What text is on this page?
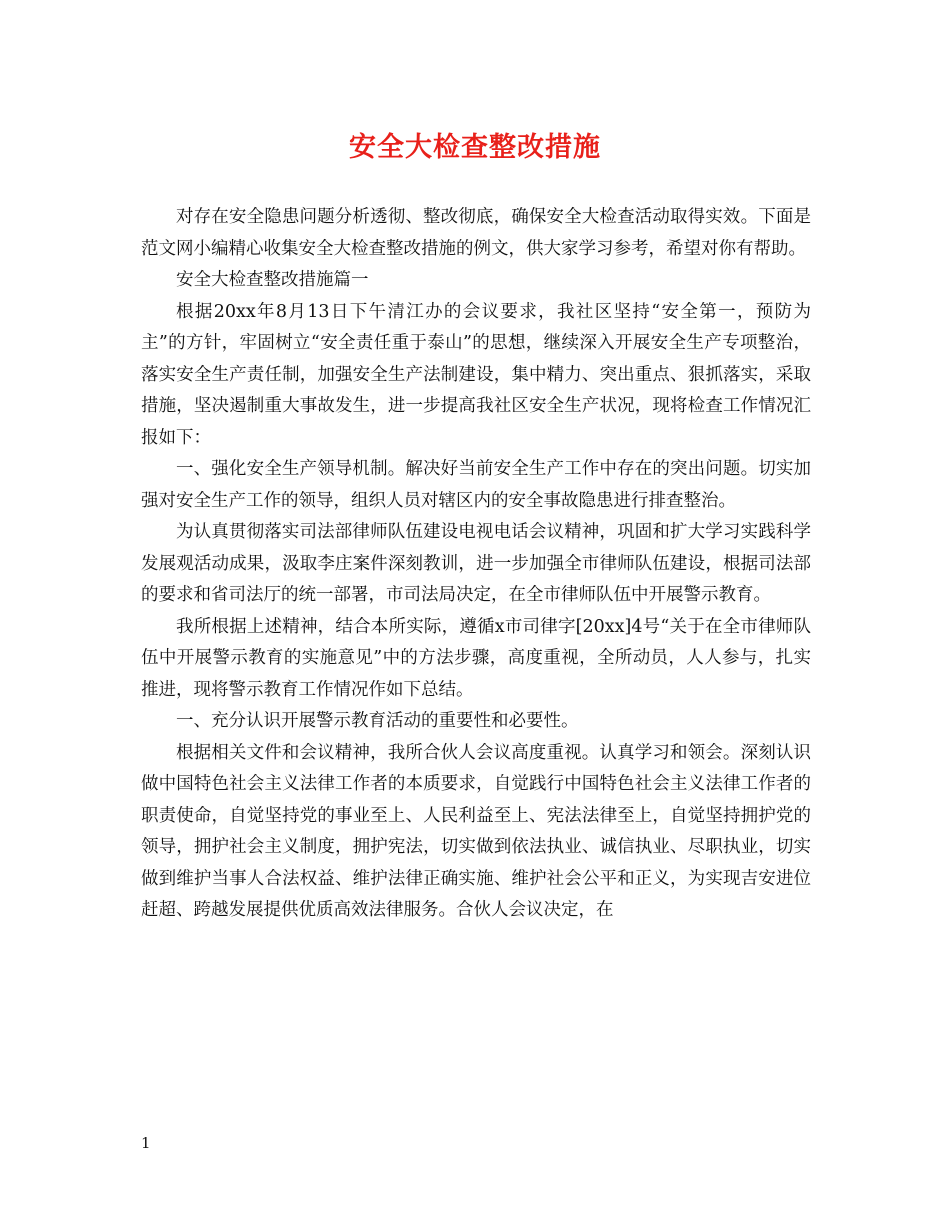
安全大检查整改措施

对存在安全隐患问题分析透彻、整改彻底，确保安全大检查活动取得实效。下面是范文网小编精心收集安全大检查整改措施的例文，供大家学习参考，希望对你有帮助。

安全大检查整改措施篇一

根据20xx年8月13日下午清江办的会议要求，我社区坚持“安全第一，预防为主”的方针，牢固树立“安全责任重于泰山”的思想，继续深入开展安全生产专项整治，落实安全生产责任制，加强安全生产法制建设，集中精力、突出重点、狠抓落实，采取措施，坚决遏制重大事故发生，进一步提高我社区安全生产状况，现将检查工作情况汇报如下：

一、强化安全生产领导机制。解决好当前安全生产工作中存在的突出问题。切实加强对安全生产工作的领导，组织人员对辖区内的安全事故隐患进行排查整治。

为认真贯彻落实司法部律师队伍建设电视电话会议精神，巩固和扩大学习实践科学发展观活动成果，汲取李庄案件深刻教训，进一步加强全市律师队伍建设，根据司法部的要求和省司法厅的统一部署，市司法局决定，在全市律师队伍中开展警示教育。

我所根据上述精神，结合本所实际，遵循x市司律字[20xx]4号“关于在全市律师队伍中开展警示教育的实施意见”中的方法步骤，高度重视，全所动员，人人参与，扎实推进，现将警示教育工作情况作如下总结。

一、充分认识开展警示教育活动的重要性和必要性。

根据相关文件和会议精神，我所合伙人会议高度重视。认真学习和领会。深刻认识做中国特色社会主义法律工作者的本质要求，自觉践行中国特色社会主义法律工作者的职责使命，自觉坚持党的事业至上、人民利益至上、宪法法律至上，自觉坚持拥护党的领导，拥护社会主义制度，拥护宪法，切实做到依法执业、诚信执业、尽职执业，切实做到维护当事人合法权益、维护法律正确实施、维护社会公平和正义，为实现吉安进位赶超、跨越发展提供优质高效法律服务。合伙人会议决定，在

1
